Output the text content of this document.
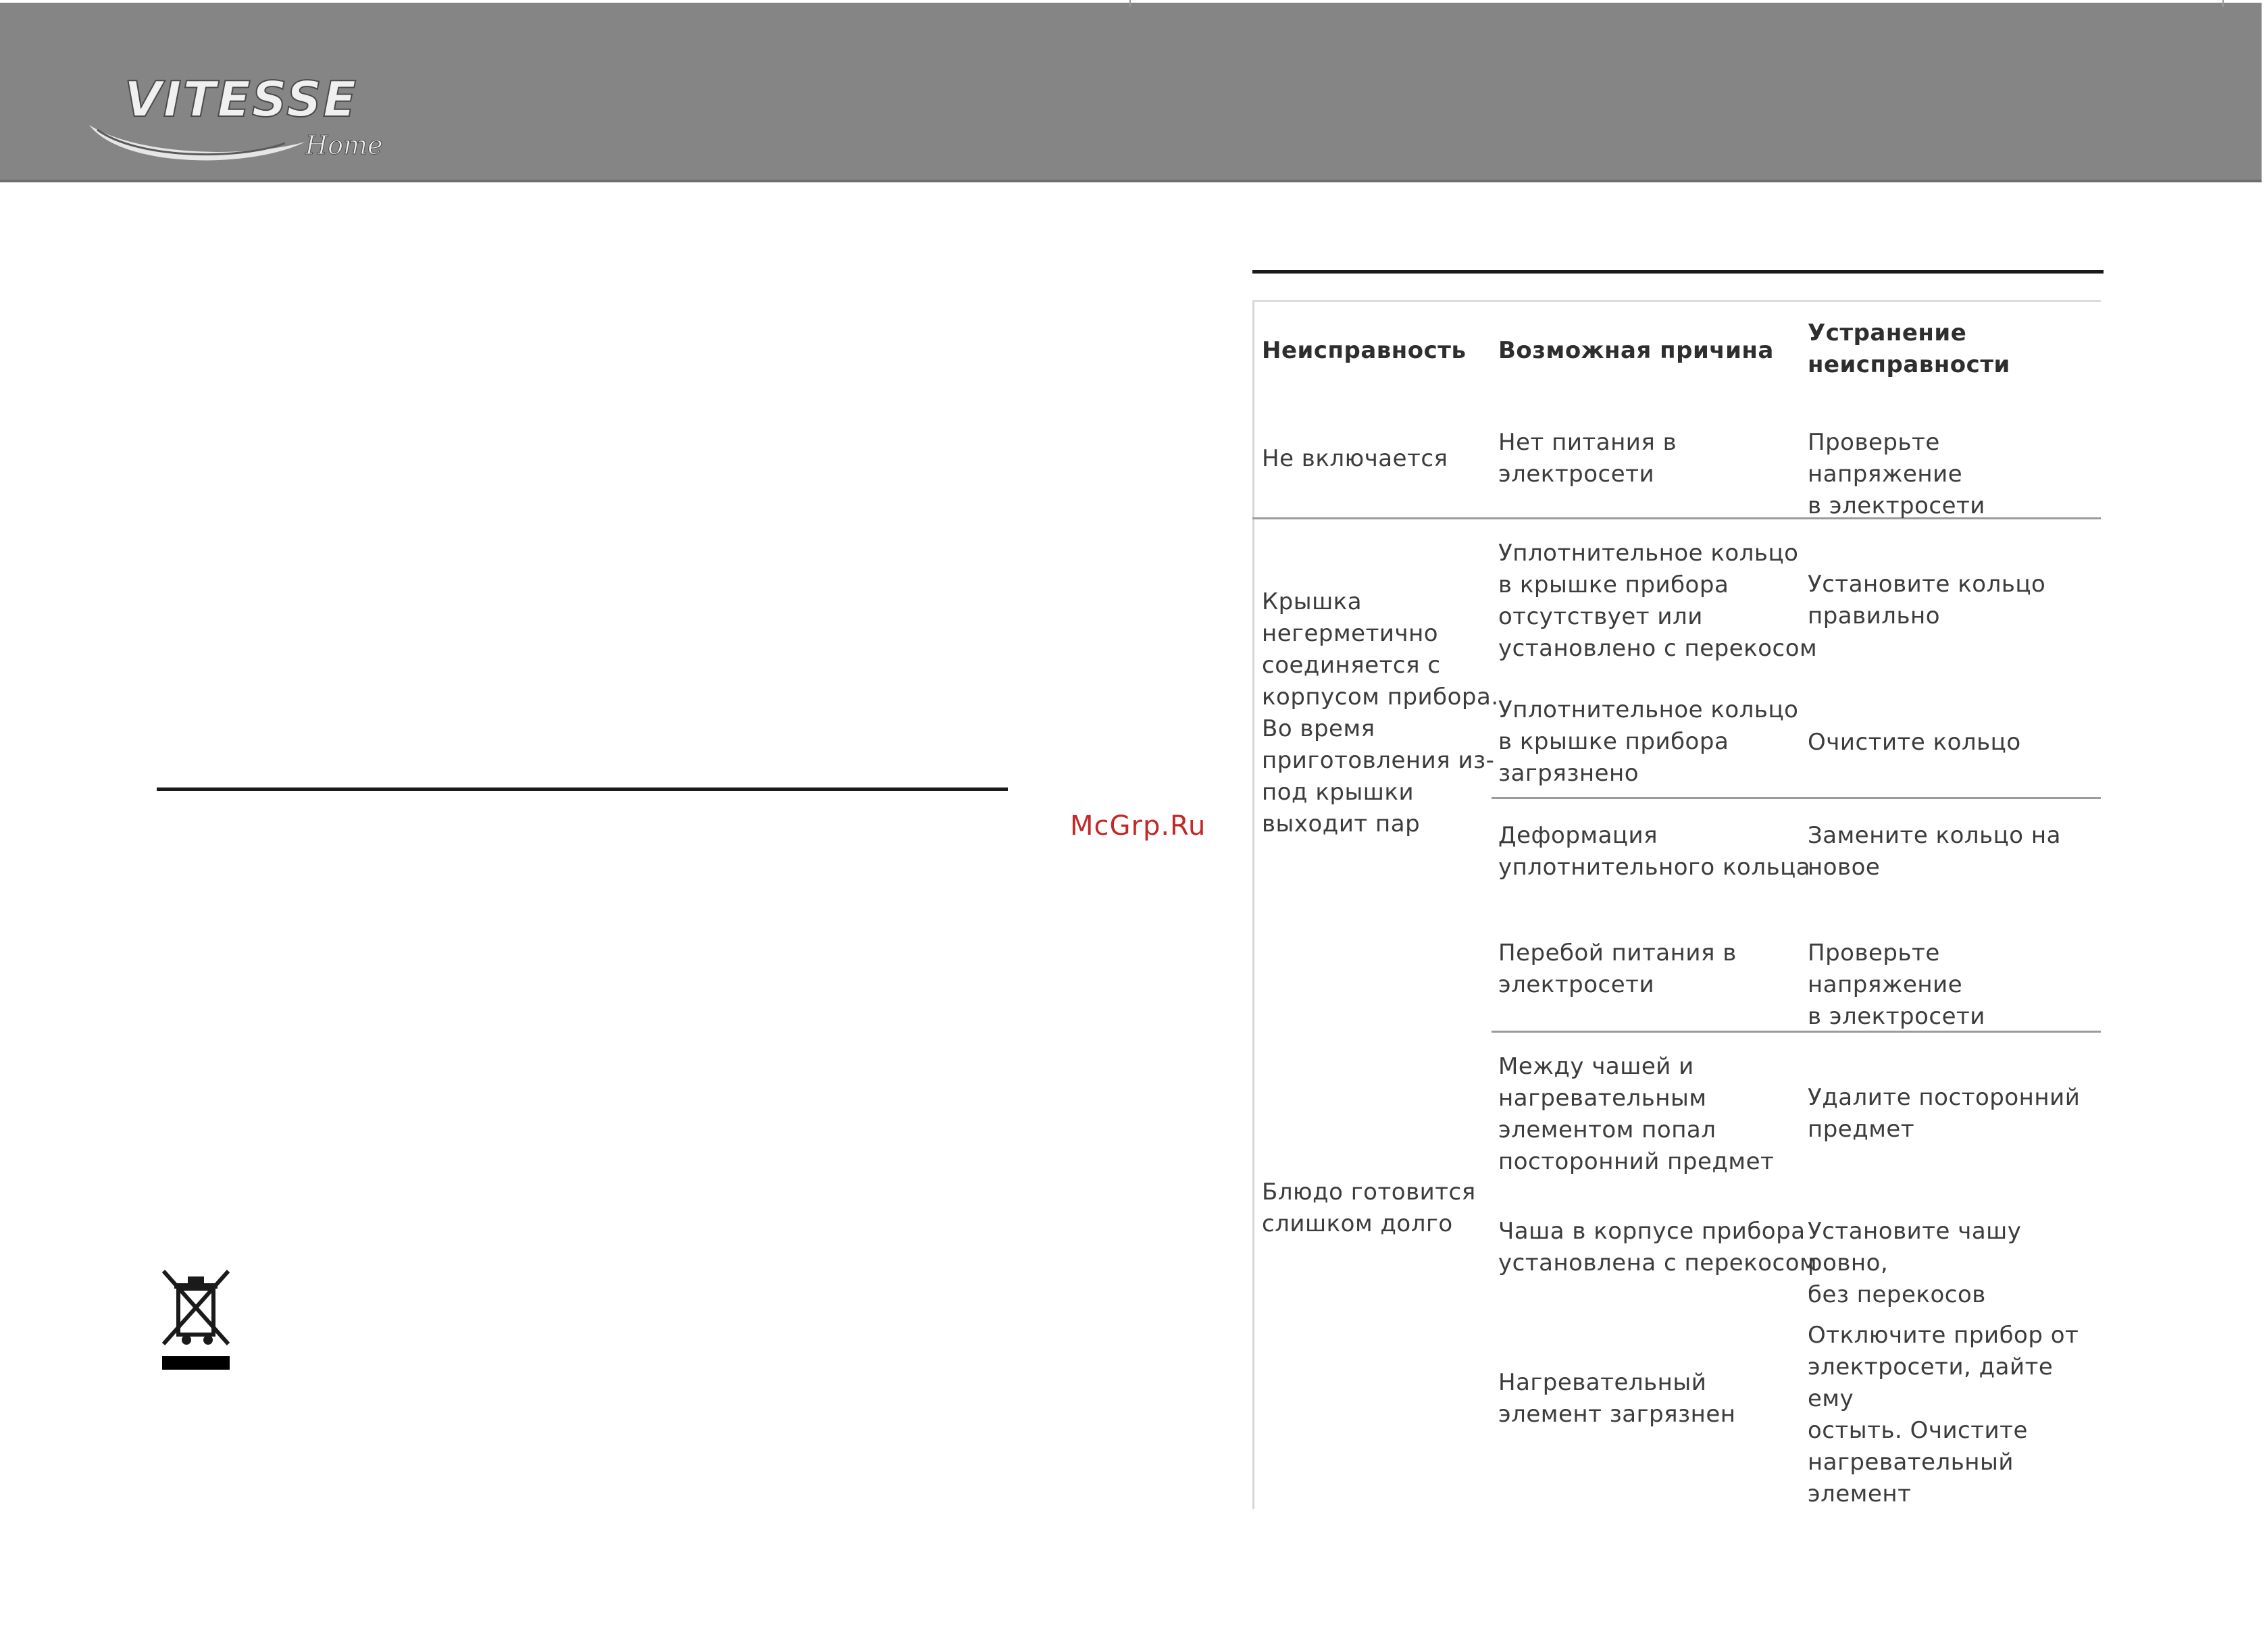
VITESSE
Home
McGrp.Ru
Неисправность Возможная причина
Устранение
неисправности
Не включается
Нет питания в
электросети
Проверьте напряжение
в электросети
Крышка
негерметично
соединяется с
корпусом прибора.
Во время
приготовления из-
под крышки
выходит пар
Уплотнительное кольцо
в крышке прибора
отсутствует или
установлено с перекосом
Установите кольцо
правильно
Уплотнительное кольцо
в крышке прибора
загрязнено
Очистите кольцо
Деформация
уплотнительного кольца
Замените кольцо на
новое
Перебой питания в
электросети
Проверьте напряжение
в электросети
Блюдо готовится
слишком долго
Между чашей и
нагревательным
элементом попал
посторонний предмет
Удалите посторонний
предмет
Чаша в корпусе прибора
установлена с перекосом
Установите чашу ровно,
без перекосов
Нагревательный
элемент загрязнен
Отключите прибор от
электросети, дайте ему
остыть. Очистите
нагревательный
элемент
